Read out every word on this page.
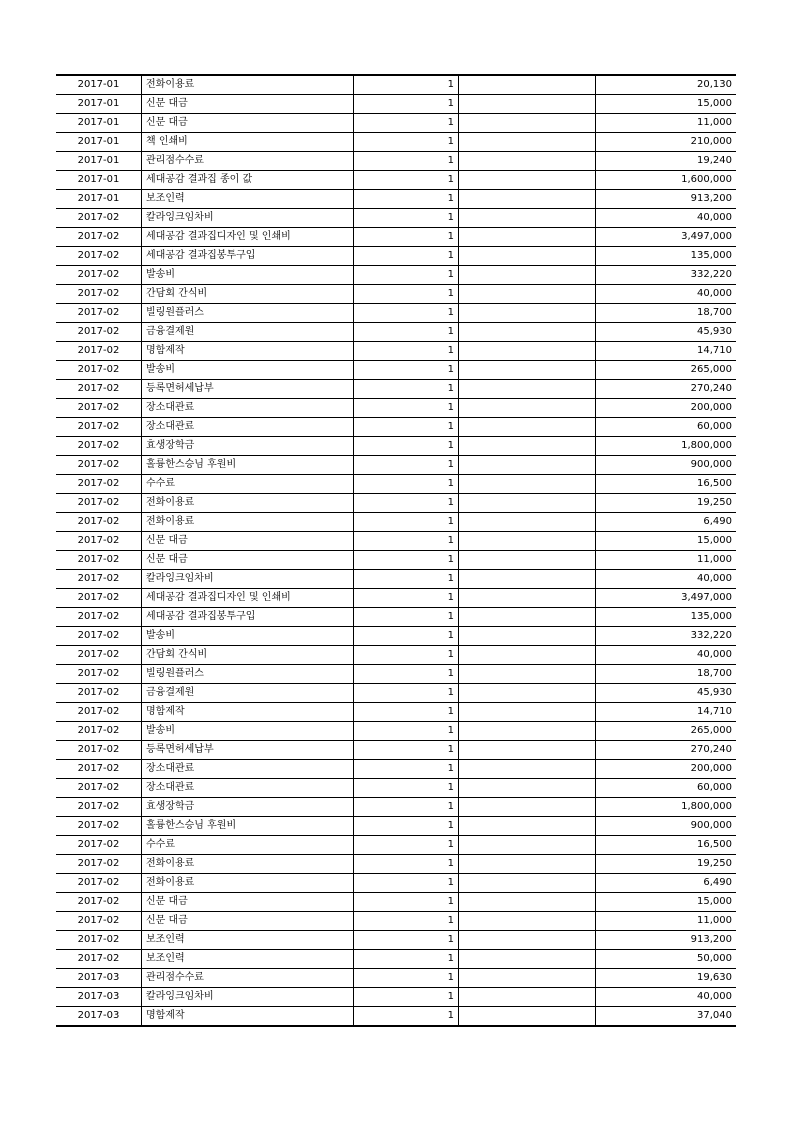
2017-01	전화이용료	1		20,130
2017-01	신문 대금	1		15,000
2017-01	신문 대금	1		11,000
2017-01	책 인쇄비	1		210,000
2017-01	관리점수수료	1		19,240
2017-01	세대공감 결과집 종이 값	1		1,600,000
2017-01	보조인력	1		913,200
2017-02	칼라잉크임차비	1		40,000
2017-02	세대공감 결과집디자인 및 인쇄비	1		3,497,000
2017-02	세대공감 결과집봉투구입	1		135,000
2017-02	발송비	1		332,220
2017-02	간담회 간식비	1		40,000
2017-02	빌링원플러스	1		18,700
2017-02	금융결제원	1		45,930
2017-02	명함제작	1		14,710
2017-02	발송비	1		265,000
2017-02	등록면허세납부	1		270,240
2017-02	장소대관료	1		200,000
2017-02	장소대관료	1		60,000
2017-02	효생장학금	1		1,800,000
2017-02	홀륭한스승님 후원비	1		900,000
2017-02	수수료	1		16,500
2017-02	전화이용료	1		19,250
2017-02	전화이용료	1		6,490
2017-02	신문 대금	1		15,000
2017-02	신문 대금	1		11,000
2017-02	칼라잉크임차비	1		40,000
2017-02	세대공감 결과집디자인 및 인쇄비	1		3,497,000
2017-02	세대공감 결과집봉투구입	1		135,000
2017-02	발송비	1		332,220
2017-02	간담회 간식비	1		40,000
2017-02	빌링원플러스	1		18,700
2017-02	금융결제원	1		45,930
2017-02	명함제작	1		14,710
2017-02	발송비	1		265,000
2017-02	등록면허세납부	1		270,240
2017-02	장소대관료	1		200,000
2017-02	장소대관료	1		60,000
2017-02	효생장학금	1		1,800,000
2017-02	홀륭한스승님 후원비	1		900,000
2017-02	수수료	1		16,500
2017-02	전화이용료	1		19,250
2017-02	전화이용료	1		6,490
2017-02	신문 대금	1		15,000
2017-02	신문 대금	1		11,000
2017-02	보조인력	1		913,200
2017-02	보조인력	1		50,000
2017-03	관리점수수료	1		19,630
2017-03	칼라잉크임차비	1		40,000
2017-03	명함제작	1		37,040
